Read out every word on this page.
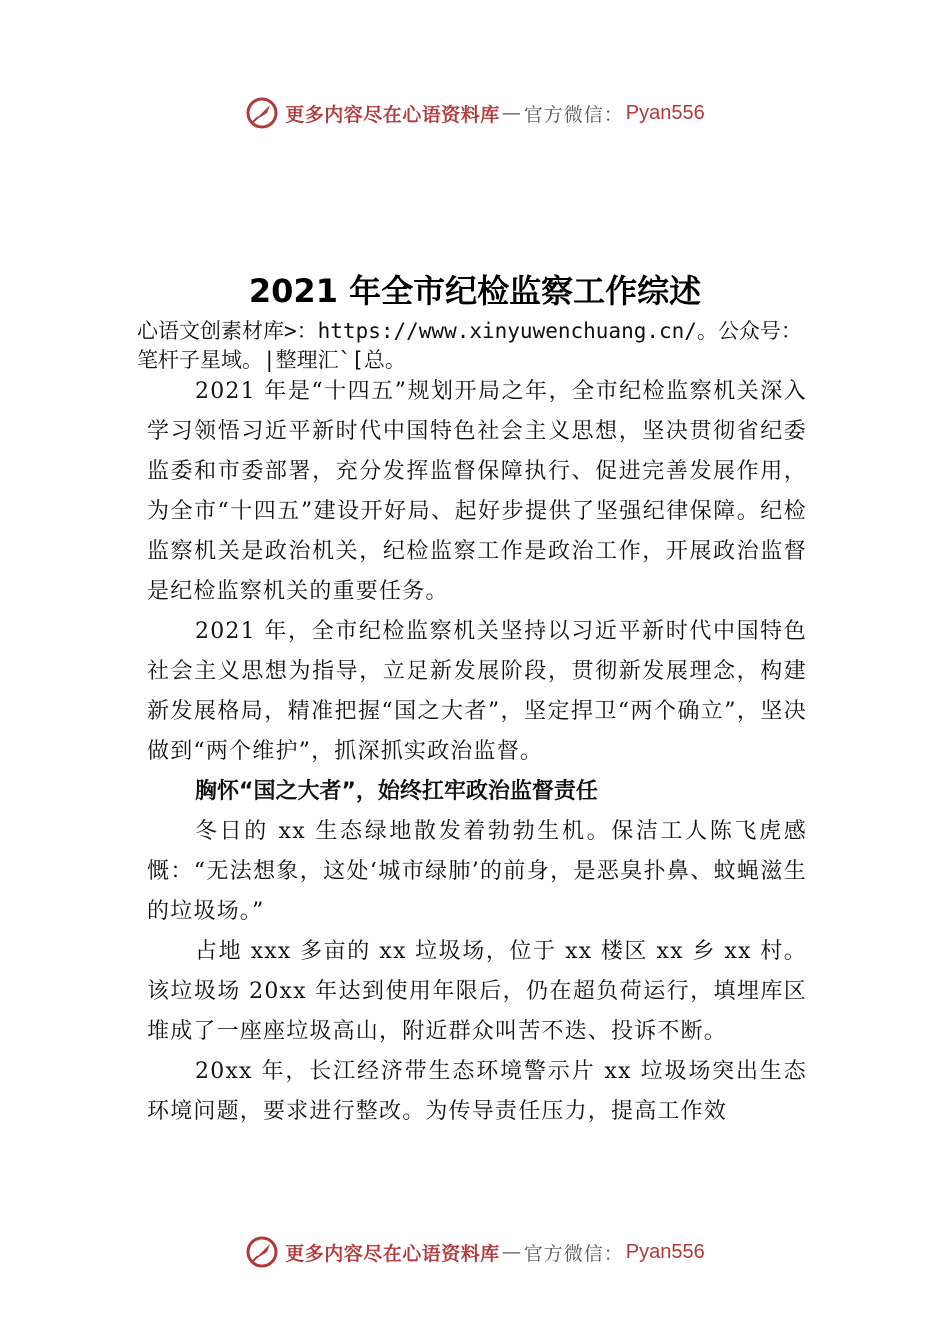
更多内容尽在心语资料库 — 官方微信： Pyan556
2021 年全市纪检监察工作综述
心语文创素材库>：https://www.xinyuwenchuang.cn/。公众号：
笔杆子星域。|整理汇`[总。

2021 年是“十四五”规划开局之年，全市纪检监察机关深入学习领悟习近平新时代中国特色社会主义思想，坚决贯彻省纪委监委和市委部署，充分发挥监督保障执行、促进完善发展作用，为全市“十四五”建设开好局、起好步提供了坚强纪律保障。纪检监察机关是政治机关，纪检监察工作是政治工作，开展政治监督是纪检监察机关的重要任务。

2021 年，全市纪检监察机关坚持以习近平新时代中国特色社会主义思想为指导，立足新发展阶段，贯彻新发展理念，构建新发展格局，精准把握“国之大者”，坚定捍卫“两个确立”，坚决做到“两个维护”，抓深抓实政治监督。

胸怀“国之大者”，始终扛牢政治监督责任

冬日的 xx 生态绿地散发着勃勃生机。保洁工人陈飞虎感慨：“无法想象，这处‘城市绿肺’的前身，是恶臭扑鼻、蚊蝇滋生的垃圾场。”

占地 xxx 多亩的 xx 垃圾场，位于 xx 楼区 xx 乡 xx 村。该垃圾场 20xx 年达到使用年限后，仍在超负荷运行，填埋库区堆成了一座座垃圾高山，附近群众叫苦不迭、投诉不断。

20xx 年，长江经济带生态环境警示片 xx 垃圾场突出生态环境问题，要求进行整改。为传导责任压力，提高工作效

更多内容尽在心语资料库 — 官方微信： Pyan556
